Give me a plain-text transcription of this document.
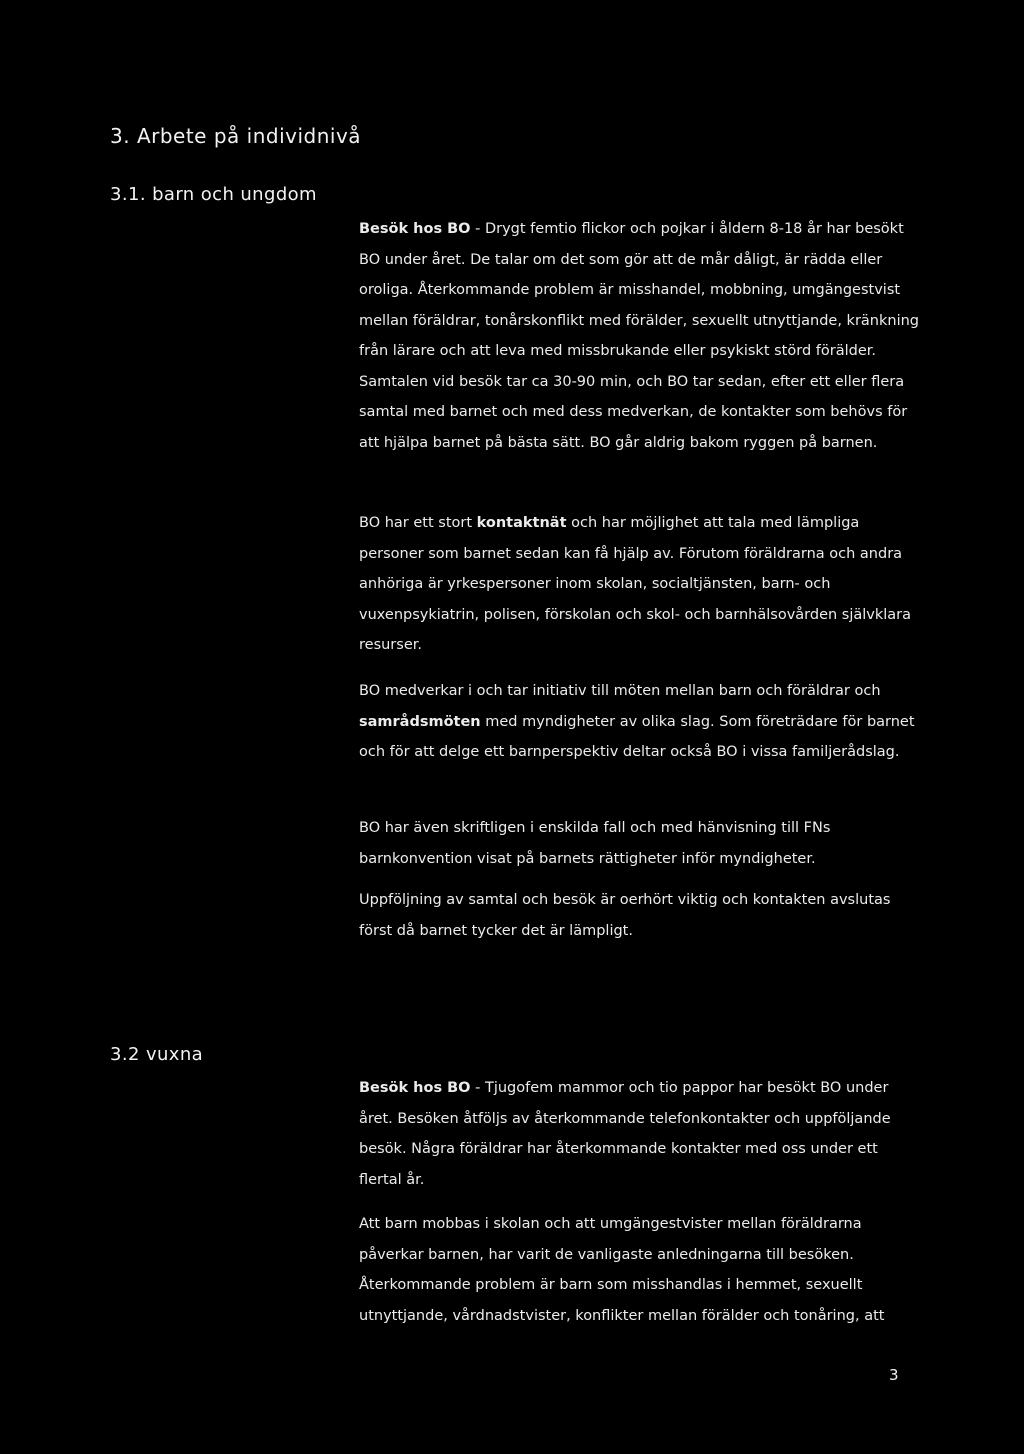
3. Arbete på individnivå
3.1. barn och ungdom

Besök hos BO - Drygt femtio flickor och pojkar i åldern 8-18 år har besökt BO under året. De talar om det som gör att de mår dåligt, är rädda eller oroliga. Återkommande problem är misshandel, mobbning, umgängestvist mellan föräldrar, tonårskonflikt med förälder, sexuellt utnyttjande, kränkning från lärare och att leva med missbrukande eller psykiskt störd förälder. Samtalen vid besök tar ca 30-90 min, och BO tar sedan, efter ett eller flera samtal med barnet och med dess medverkan, de kontakter som behövs för att hjälpa barnet på bästa sätt. BO går aldrig bakom ryggen på barnen.

BO har ett stort kontaktnät och har möjlighet att tala med lämpliga personer som barnet sedan kan få hjälp av. Förutom föräldrarna och andra anhöriga är yrkespersoner inom skolan, socialtjänsten, barn- och vuxenpsykiatrin, polisen, förskolan och skol- och barnhälsovården självklara resurser.

BO medverkar i och tar initiativ till möten mellan barn och föräldrar och samrådsmöten med myndigheter av olika slag. Som företrädare för barnet och för att delge ett barnperspektiv deltar också BO i vissa familjerådslag.

BO har även skriftligen i enskilda fall och med hänvisning till FNs barnkonvention visat på barnets rättigheter inför myndigheter.

Uppföljning av samtal och besök är oerhört viktig och kontakten avslutas först då barnet tycker det är lämpligt.

3.2 vuxna

Besök hos BO - Tjugofem mammor och tio pappor har besökt BO under året. Besöken åtföljs av återkommande telefonkontakter och uppföljande besök. Några föräldrar har återkommande kontakter med oss under ett flertal år.

Att barn mobbas i skolan och att umgängestvister mellan föräldrarna påverkar barnen, har varit de vanligaste anledningarna till besöken. Återkommande problem är barn som misshandlas i hemmet, sexuellt utnyttjande, vårdnadstvister, konflikter mellan förälder och tonåring, att

3
